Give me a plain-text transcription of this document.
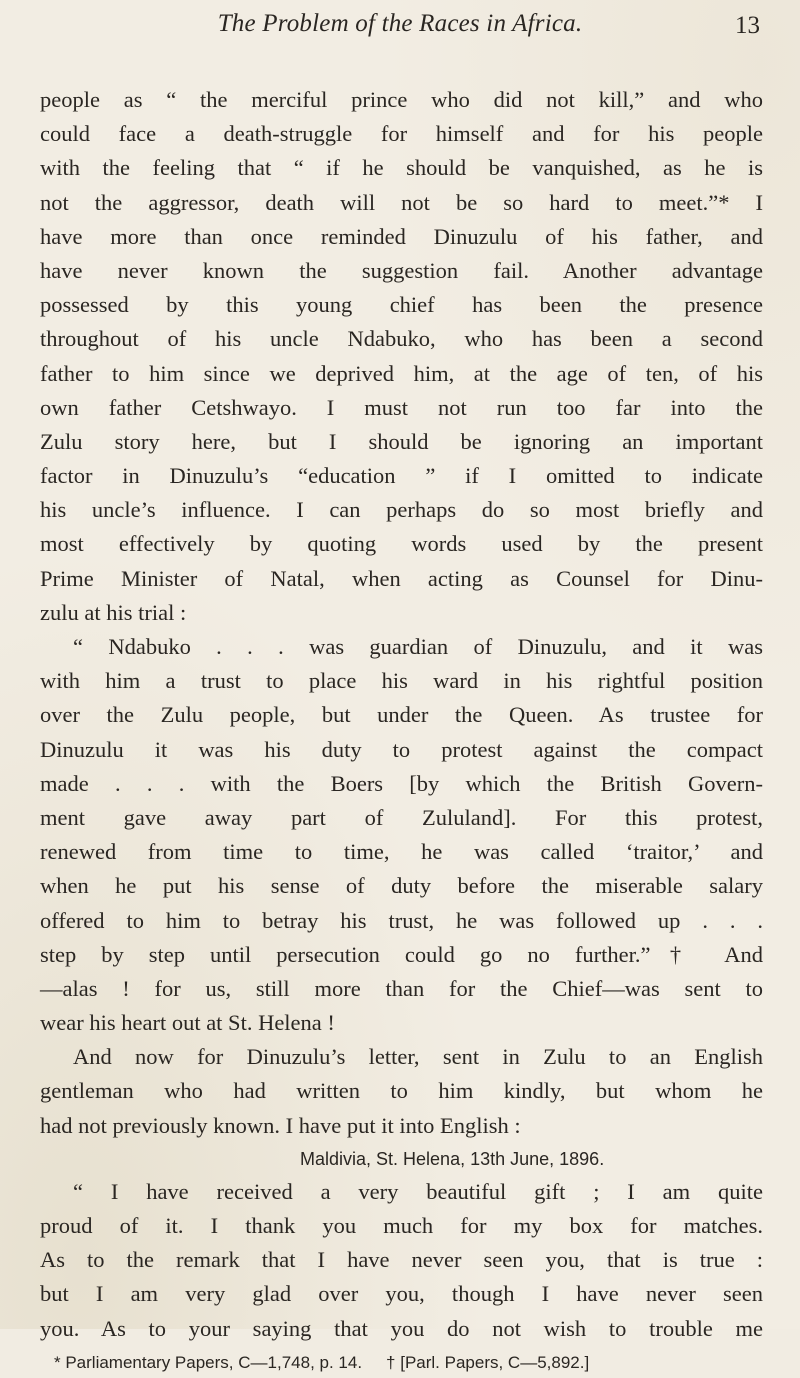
The Problem of the Races in Africa.	13
people as “ the merciful prince who did not kill,” and who
could face a death-struggle for himself and for his people
with the feeling that “ if he should be vanquished, as he is
not the aggressor, death will not be so hard to meet.”* I
have more than once reminded Dinuzulu of his father, and
have never known the suggestion fail. Another advantage
possessed by this young chief has been the presence
throughout of his uncle Ndabuko, who has been a second
father to him since we deprived him, at the age of ten, of his
own father Cetshwayo. I must not run too far into the
Zulu story here, but I should be ignoring an important
factor in Dinuzulu’s “education ” if I omitted to indicate
his uncle’s influence. I can perhaps do so most briefly and
most effectively by quoting words used by the present
Prime Minister of Natal, when acting as Counsel for Dinu-
zulu at his trial :
“ Ndabuko . . . was guardian of Dinuzulu, and it was
with him a trust to place his ward in his rightful position
over the Zulu people, but under the Queen. As trustee for
Dinuzulu it was his duty to protest against the compact
made . . . with the Boers [by which the British Govern-
ment gave away part of Zululand]. For this protest,
renewed from time to time, he was called ‘traitor,’ and
when he put his sense of duty before the miserable salary
offered to him to betray his trust, he was followed up . . .
step by step until persecution could go no further.”† And
—alas ! for us, still more than for the Chief—was sent to
wear his heart out at St. Helena !
And now for Dinuzulu’s letter, sent in Zulu to an English
gentleman who had written to him kindly, but whom he
had not previously known. I have put it into English :
Maldivia, St. Helena, 13th June, 1896.
“ I have received a very beautiful gift ; I am quite
proud of it. I thank you much for my box for matches.
As to the remark that I have never seen you, that is true :
but I am very glad over you, though I have never seen
you. As to your saying that you do not wish to trouble me
* Parliamentary Papers, C—1,748, p. 14. † [Parl. Papers, C—5,892.]
